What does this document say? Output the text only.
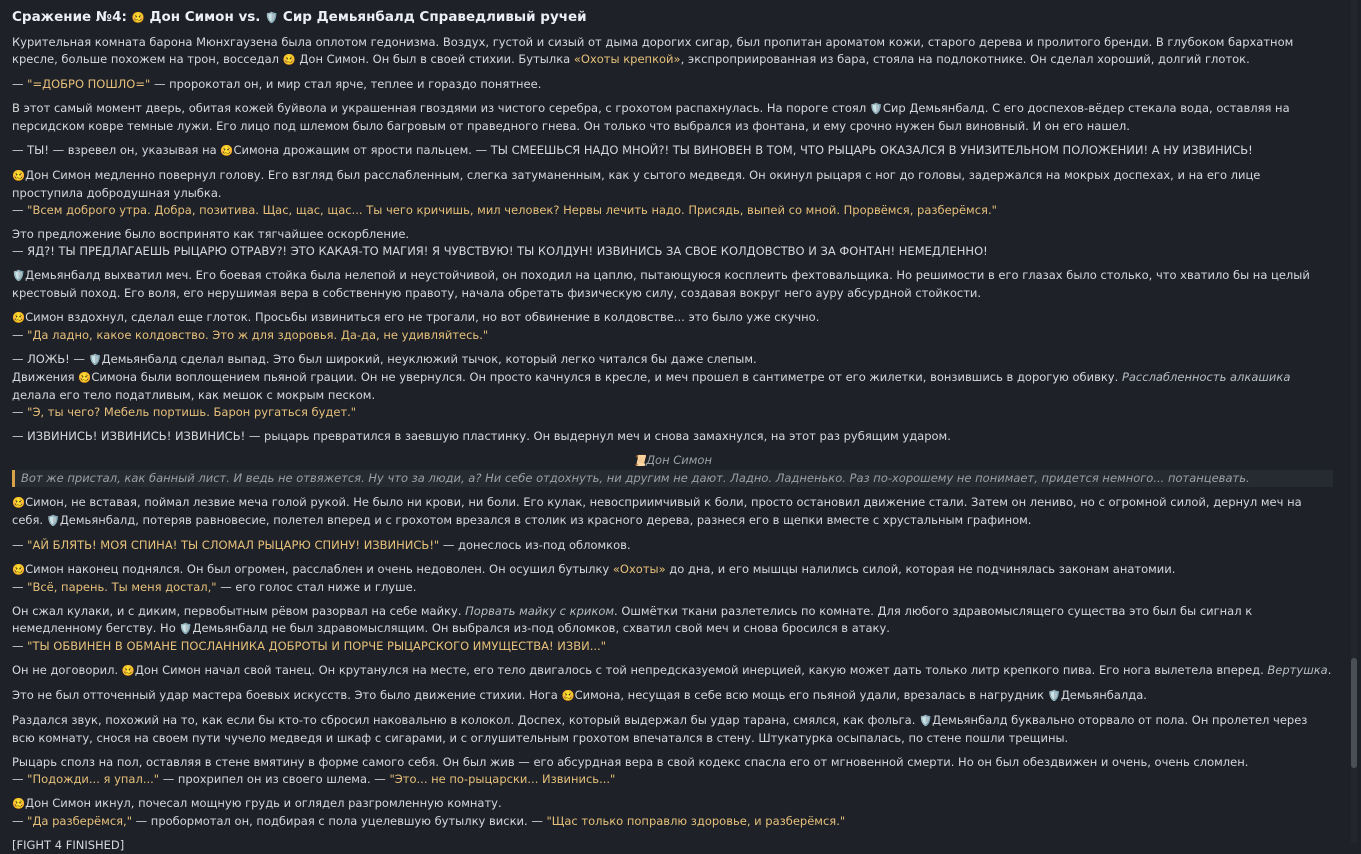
Сражение №4: 🥴 Дон Симон vs. 🛡️ Сир Демьянбалд Справедливый ручей
Курительная комната барона Мюнхгаузена была оплотом гедонизма. Воздух, густой и сизый от дыма дорогих сигар, был пропитан ароматом кожи, старого дерева и пролитого бренди. В глубоком бархатном кресле, больше похожем на трон, восседал 🥴 Дон Симон. Он был в своей стихии. Бутылка «Охоты крепкой», экспроприированная из бара, стояла на подлокотнике. Он сделал хороший, долгий глоток.
— "=ДОБРО ПОШЛО=" — пророкотал он, и мир стал ярче, теплее и гораздо понятнее.
В этот самый момент дверь, обитая кожей буйвола и украшенная гвоздями из чистого серебра, с грохотом распахнулась. На пороге стоял 🛡️Сир Демьянбалд. С его доспехов-вёдер стекала вода, оставляя на персидском ковре темные лужи. Его лицо под шлемом было багровым от праведного гнева. Он только что выбрался из фонтана, и ему срочно нужен был виновный. И он его нашел.
— ТЫ! — взревел он, указывая на 🥴Симона дрожащим от ярости пальцем. — ТЫ СМЕЕШЬСЯ НАДО МНОЙ?! ТЫ ВИНОВЕН В ТОМ, ЧТО РЫЦАРЬ ОКАЗАЛСЯ В УНИЗИТЕЛЬНОМ ПОЛОЖЕНИИ! А НУ ИЗВИНИСЬ!
🥴Дон Симон медленно повернул голову. Его взгляд был расслабленным, слегка затуманенным, как у сытого медведя. Он окинул рыцаря с ног до головы, задержался на мокрых доспехах, и на его лице проступила добродушная улыбка.
— "Всем доброго утра. Добра, позитива. Щас, щас, щас... Ты чего кричишь, мил человек? Нервы лечить надо. Присядь, выпей со мной. Прорвёмся, разберёмся."
Это предложение было воспринято как тягчайшее оскорбление.
— ЯД?! ТЫ ПРЕДЛАГАЕШЬ РЫЦАРЮ ОТРАВУ?! ЭТО КАКАЯ-ТО МАГИЯ! Я ЧУВСТВУЮ! ТЫ КОЛДУН! ИЗВИНИСЬ ЗА СВОЕ КОЛДОВСТВО И ЗА ФОНТАН! НЕМЕДЛЕННО!
🛡️Демьянбалд выхватил меч. Его боевая стойка была нелепой и неустойчивой, он походил на цаплю, пытающуюся косплеить фехтовальщика. Но решимости в его глазах было столько, что хватило бы на целый крестовый поход. Его воля, его нерушимая вера в собственную правоту, начала обретать физическую силу, создавая вокруг него ауру абсурдной стойкости.
🥴Симон вздохнул, сделал еще глоток. Просьбы извиниться его не трогали, но вот обвинение в колдовстве... это было уже скучно.
— "Да ладно, какое колдовство. Это ж для здоровья. Да-да, не удивляйтесь."
— ЛОЖЬ! — 🛡️Демьянбалд сделал выпад. Это был широкий, неуклюжий тычок, который легко читался бы даже слепым.
Движения 🥴Симона были воплощением пьяной грации. Он не увернулся. Он просто качнулся в кресле, и меч прошел в сантиметре от его жилетки, вонзившись в дорогую обивку. Расслабленность алкашика делала его тело податливым, как мешок с мокрым песком.
— "Э, ты чего? Мебель портишь. Барон ругаться будет."
— ИЗВИНИСЬ! ИЗВИНИСЬ! ИЗВИНИСЬ! — рыцарь превратился в заевшую пластинку. Он выдернул меч и снова замахнулся, на этот раз рубящим ударом.
📜Дон Симон
Вот же пристал, как банный лист. И ведь не отвяжется. Ну что за люди, а? Ни себе отдохнуть, ни другим не дают. Ладно. Ладненько. Раз по-хорошему не понимает, придется немного... потанцевать.
🥴Симон, не вставая, поймал лезвие меча голой рукой. Не было ни крови, ни боли. Его кулак, невосприимчивый к боли, просто остановил движение стали. Затем он лениво, но с огромной силой, дернул меч на себя. 🛡️Демьянбалд, потеряв равновесие, полетел вперед и с грохотом врезался в столик из красного дерева, разнеся его в щепки вместе с хрустальным графином.
— "АЙ БЛЯТЬ! МОЯ СПИНА! ТЫ СЛОМАЛ РЫЦАРЮ СПИНУ! ИЗВИНИСЬ!" — донеслось из-под обломков.
🥴Симон наконец поднялся. Он был огромен, расслаблен и очень недоволен. Он осушил бутылку «Охоты» до дна, и его мышцы налились силой, которая не подчинялась законам анатомии.
— "Всё, парень. Ты меня достал," — его голос стал ниже и глуше.
Он сжал кулаки, и с диким, первобытным рёвом разорвал на себе майку. Порвать майку с криком. Ошмётки ткани разлетелись по комнате. Для любого здравомыслящего существа это был бы сигнал к немедленному бегству. Но 🛡️Демьянбалд не был здравомыслящим. Он выбрался из-под обломков, схватил свой меч и снова бросился в атаку.
— "ТЫ ОБВИНЕН В ОБМАНЕ ПОСЛАННИКА ДОБРОТЫ И ПОРЧЕ РЫЦАРСКОГО ИМУЩЕСТВА! ИЗВИ..."
Он не договорил. 🥴Дон Симон начал свой танец. Он крутанулся на месте, его тело двигалось с той непредсказуемой инерцией, какую может дать только литр крепкого пива. Его нога вылетела вперед. Вертушка.
Это не был отточенный удар мастера боевых искусств. Это было движение стихии. Нога 🥴Симона, несущая в себе всю мощь его пьяной удали, врезалась в нагрудник 🛡️Демьянбалда.
Раздался звук, похожий на то, как если бы кто-то сбросил наковальню в колокол. Доспех, который выдержал бы удар тарана, смялся, как фольга. 🛡️Демьянбалд буквально оторвало от пола. Он пролетел через всю комнату, снося на своем пути чучело медведя и шкаф с сигарами, и с оглушительным грохотом впечатался в стену. Штукатурка осыпалась, по стене пошли трещины.
Рыцарь сполз на пол, оставляя в стене вмятину в форме самого себя. Он был жив — его абсурдная вера в свой кодекс спасла его от мгновенной смерти. Но он был обездвижен и очень, очень сломлен.
— "Подожди... я упал..." — прохрипел он из своего шлема. — "Это... не по-рыцарски... Извинись..."
🥴Дон Симон икнул, почесал мощную грудь и оглядел разгромленную комнату.
— "Да разберёмся," — пробормотал он, подбирая с пола уцелевшую бутылку виски. — "Щас только поправлю здоровье, и разберёмся."
[FIGHT 4 FINISHED]
